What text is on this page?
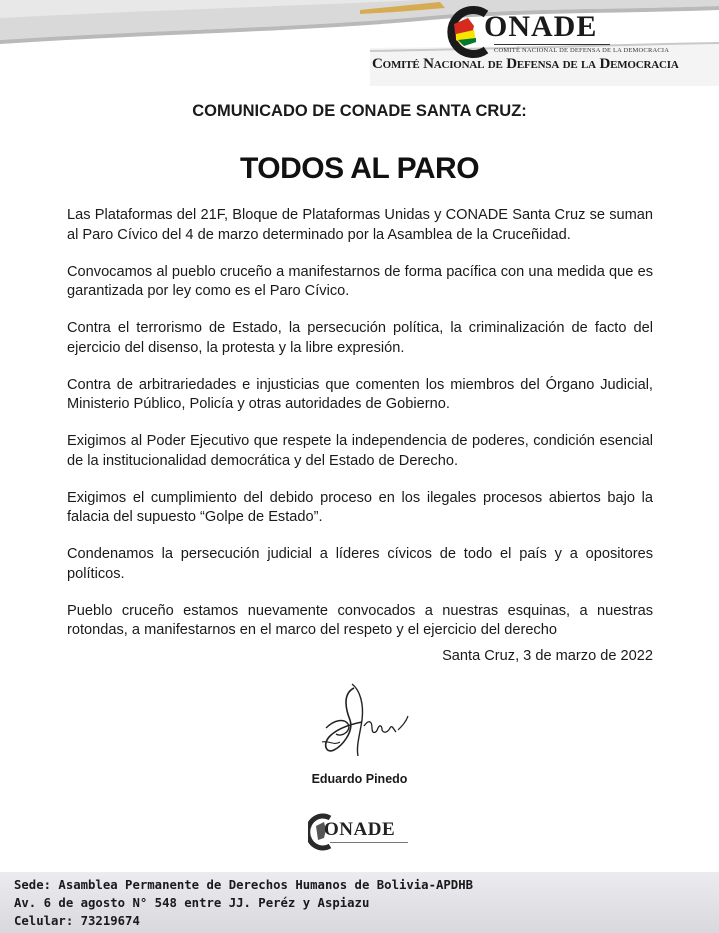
ONADE
COMITÉ NACIONAL DE DEFENSA DE LA DEMOCRACIA
Comité Nacional de Defensa de la Democracia
COMUNICADO DE CONADE SANTA CRUZ:
TODOS AL PARO

Las Plataformas del 21F, Bloque de Plataformas Unidas y CONADE Santa Cruz se suman al Paro Cívico del 4 de marzo determinado por la Asamblea de la Cruceñidad.

Convocamos al pueblo cruceño a manifestarnos de forma pacífica con una medida que es garantizada por ley como es el Paro Cívico.

Contra el terrorismo de Estado, la persecución política, la criminalización de facto del ejercicio del disenso, la protesta y la libre expresión.

Contra de arbitrariedades e injusticias que comenten los miembros del Órgano Judicial, Ministerio Público, Policía y otras autoridades de Gobierno.

Exigimos al Poder Ejecutivo que respete la independencia de poderes, condición esencial de la institucionalidad democrática y del Estado de Derecho.

Exigimos el cumplimiento del debido proceso en los ilegales procesos abiertos bajo la falacia del supuesto “Golpe de Estado”.

Condenamos la persecución judicial a líderes cívicos de todo el país y a opositores políticos.

Pueblo cruceño estamos nuevamente convocados a nuestras esquinas, a nuestras rotondas, a manifestarnos en el marco del respeto y el ejercicio del derecho

Santa Cruz, 3 de marzo de 2022
Eduardo Pinedo
ONADE
Sede: Asamblea Permanente de Derechos Humanos de Bolivia-APDHB
Av. 6 de agosto N° 548 entre JJ. Peréz y Aspiazu
Celular: 73219674
